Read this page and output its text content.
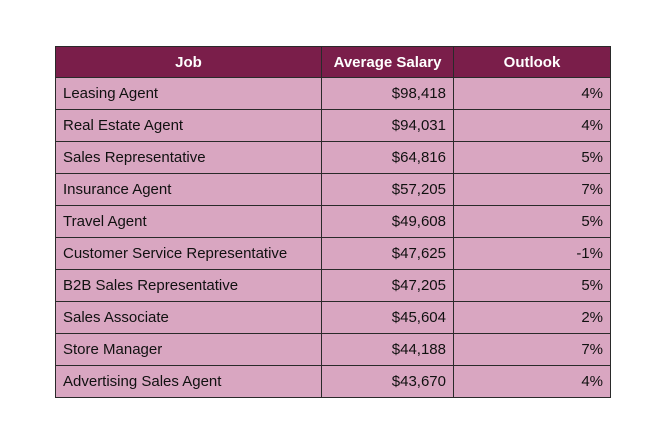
Job	Average Salary	Outlook
Leasing Agent	$98,418	4%
Real Estate Agent	$94,031	4%
Sales Representative	$64,816	5%
Insurance Agent	$57,205	7%
Travel Agent	$49,608	5%
Customer Service Representative	$47,625	-1%
B2B Sales Representative	$47,205	5%
Sales Associate	$45,604	2%
Store Manager	$44,188	7%
Advertising Sales Agent	$43,670	4%
